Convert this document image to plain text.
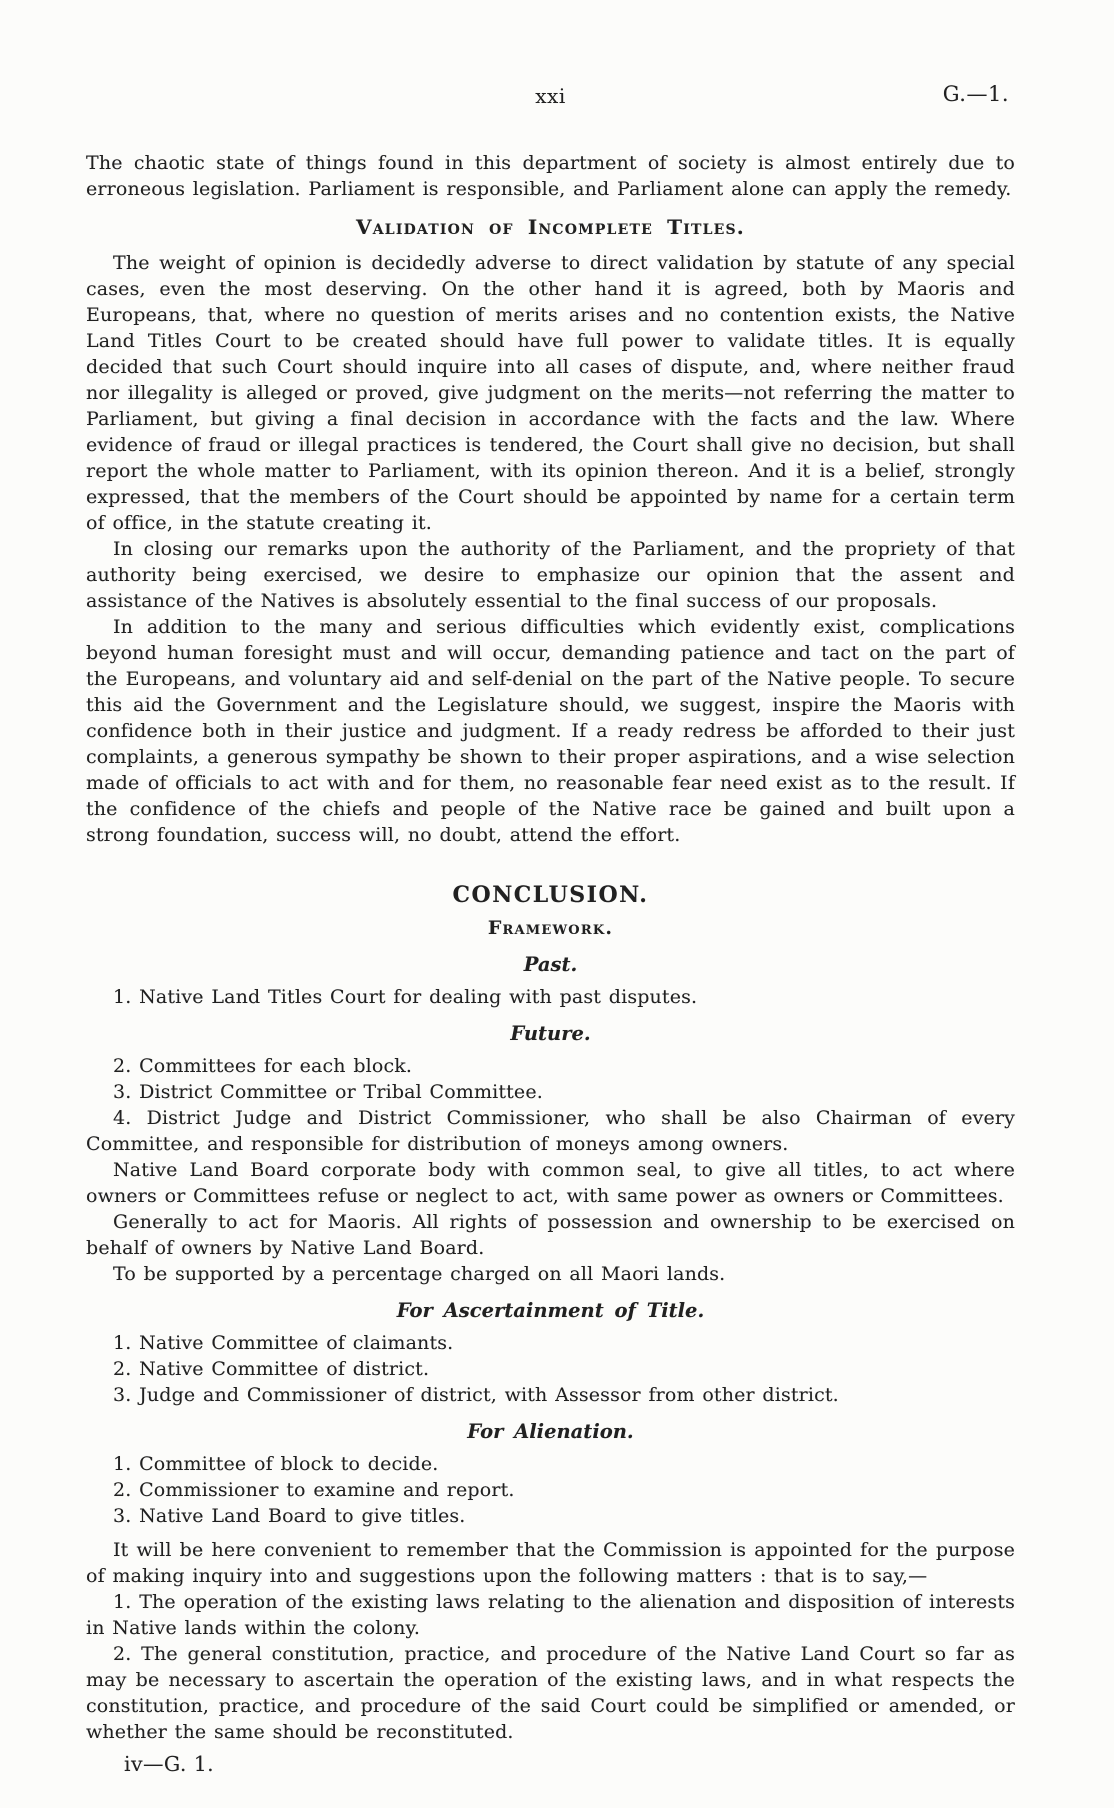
xxi	G.—1.

The chaotic state of things found in this department of society is almost entirely due to erroneous legislation. Parliament is responsible, and Parliament alone can apply the remedy.

Validation of Incomplete Titles.

The weight of opinion is decidedly adverse to direct validation by statute of any special cases, even the most deserving. On the other hand it is agreed, both by Maoris and Europeans, that, where no question of merits arises and no contention exists, the Native Land Titles Court to be created should have full power to validate titles. It is equally decided that such Court should inquire into all cases of dispute, and, where neither fraud nor illegality is alleged or proved, give judgment on the merits—not referring the matter to Parliament, but giving a final decision in accordance with the facts and the law. Where evidence of fraud or illegal practices is tendered, the Court shall give no decision, but shall report the whole matter to Parliament, with its opinion thereon. And it is a belief, strongly expressed, that the members of the Court should be appointed by name for a certain term of office, in the statute creating it.

In closing our remarks upon the authority of the Parliament, and the propriety of that authority being exercised, we desire to emphasize our opinion that the assent and assistance of the Natives is absolutely essential to the final success of our proposals.

In addition to the many and serious difficulties which evidently exist, complications beyond human foresight must and will occur, demanding patience and tact on the part of the Europeans, and voluntary aid and self-denial on the part of the Native people. To secure this aid the Government and the Legislature should, we suggest, inspire the Maoris with confidence both in their justice and judgment. If a ready redress be afforded to their just complaints, a generous sympathy be shown to their proper aspirations, and a wise selection made of officials to act with and for them, no reasonable fear need exist as to the result. If the confidence of the chiefs and people of the Native race be gained and built upon a strong foundation, success will, no doubt, attend the effort.

CONCLUSION.
Framework.
Past.

1. Native Land Titles Court for dealing with past disputes.

Future.

2. Committees for each block.

3. District Committee or Tribal Committee.

4. District Judge and District Commissioner, who shall be also Chairman of every Committee, and responsible for distribution of moneys among owners.

Native Land Board corporate body with common seal, to give all titles, to act where owners or Committees refuse or neglect to act, with same power as owners or Committees.

Generally to act for Maoris. All rights of possession and ownership to be exercised on behalf of owners by Native Land Board.

To be supported by a percentage charged on all Maori lands.

For Ascertainment of Title.

1. Native Committee of claimants.

2. Native Committee of district.

3. Judge and Commissioner of district, with Assessor from other district.

For Alienation.

1. Committee of block to decide.

2. Commissioner to examine and report.

3. Native Land Board to give titles.

It will be here convenient to remember that the Commission is appointed for the purpose of making inquiry into and suggestions upon the following matters : that is to say,—

1. The operation of the existing laws relating to the alienation and disposition of interests in Native lands within the colony.

2. The general constitution, practice, and procedure of the Native Land Court so far as may be necessary to ascertain the operation of the existing laws, and in what respects the constitution, practice, and procedure of the said Court could be simplified or amended, or whether the same should be reconstituted.

iv—G. 1.
